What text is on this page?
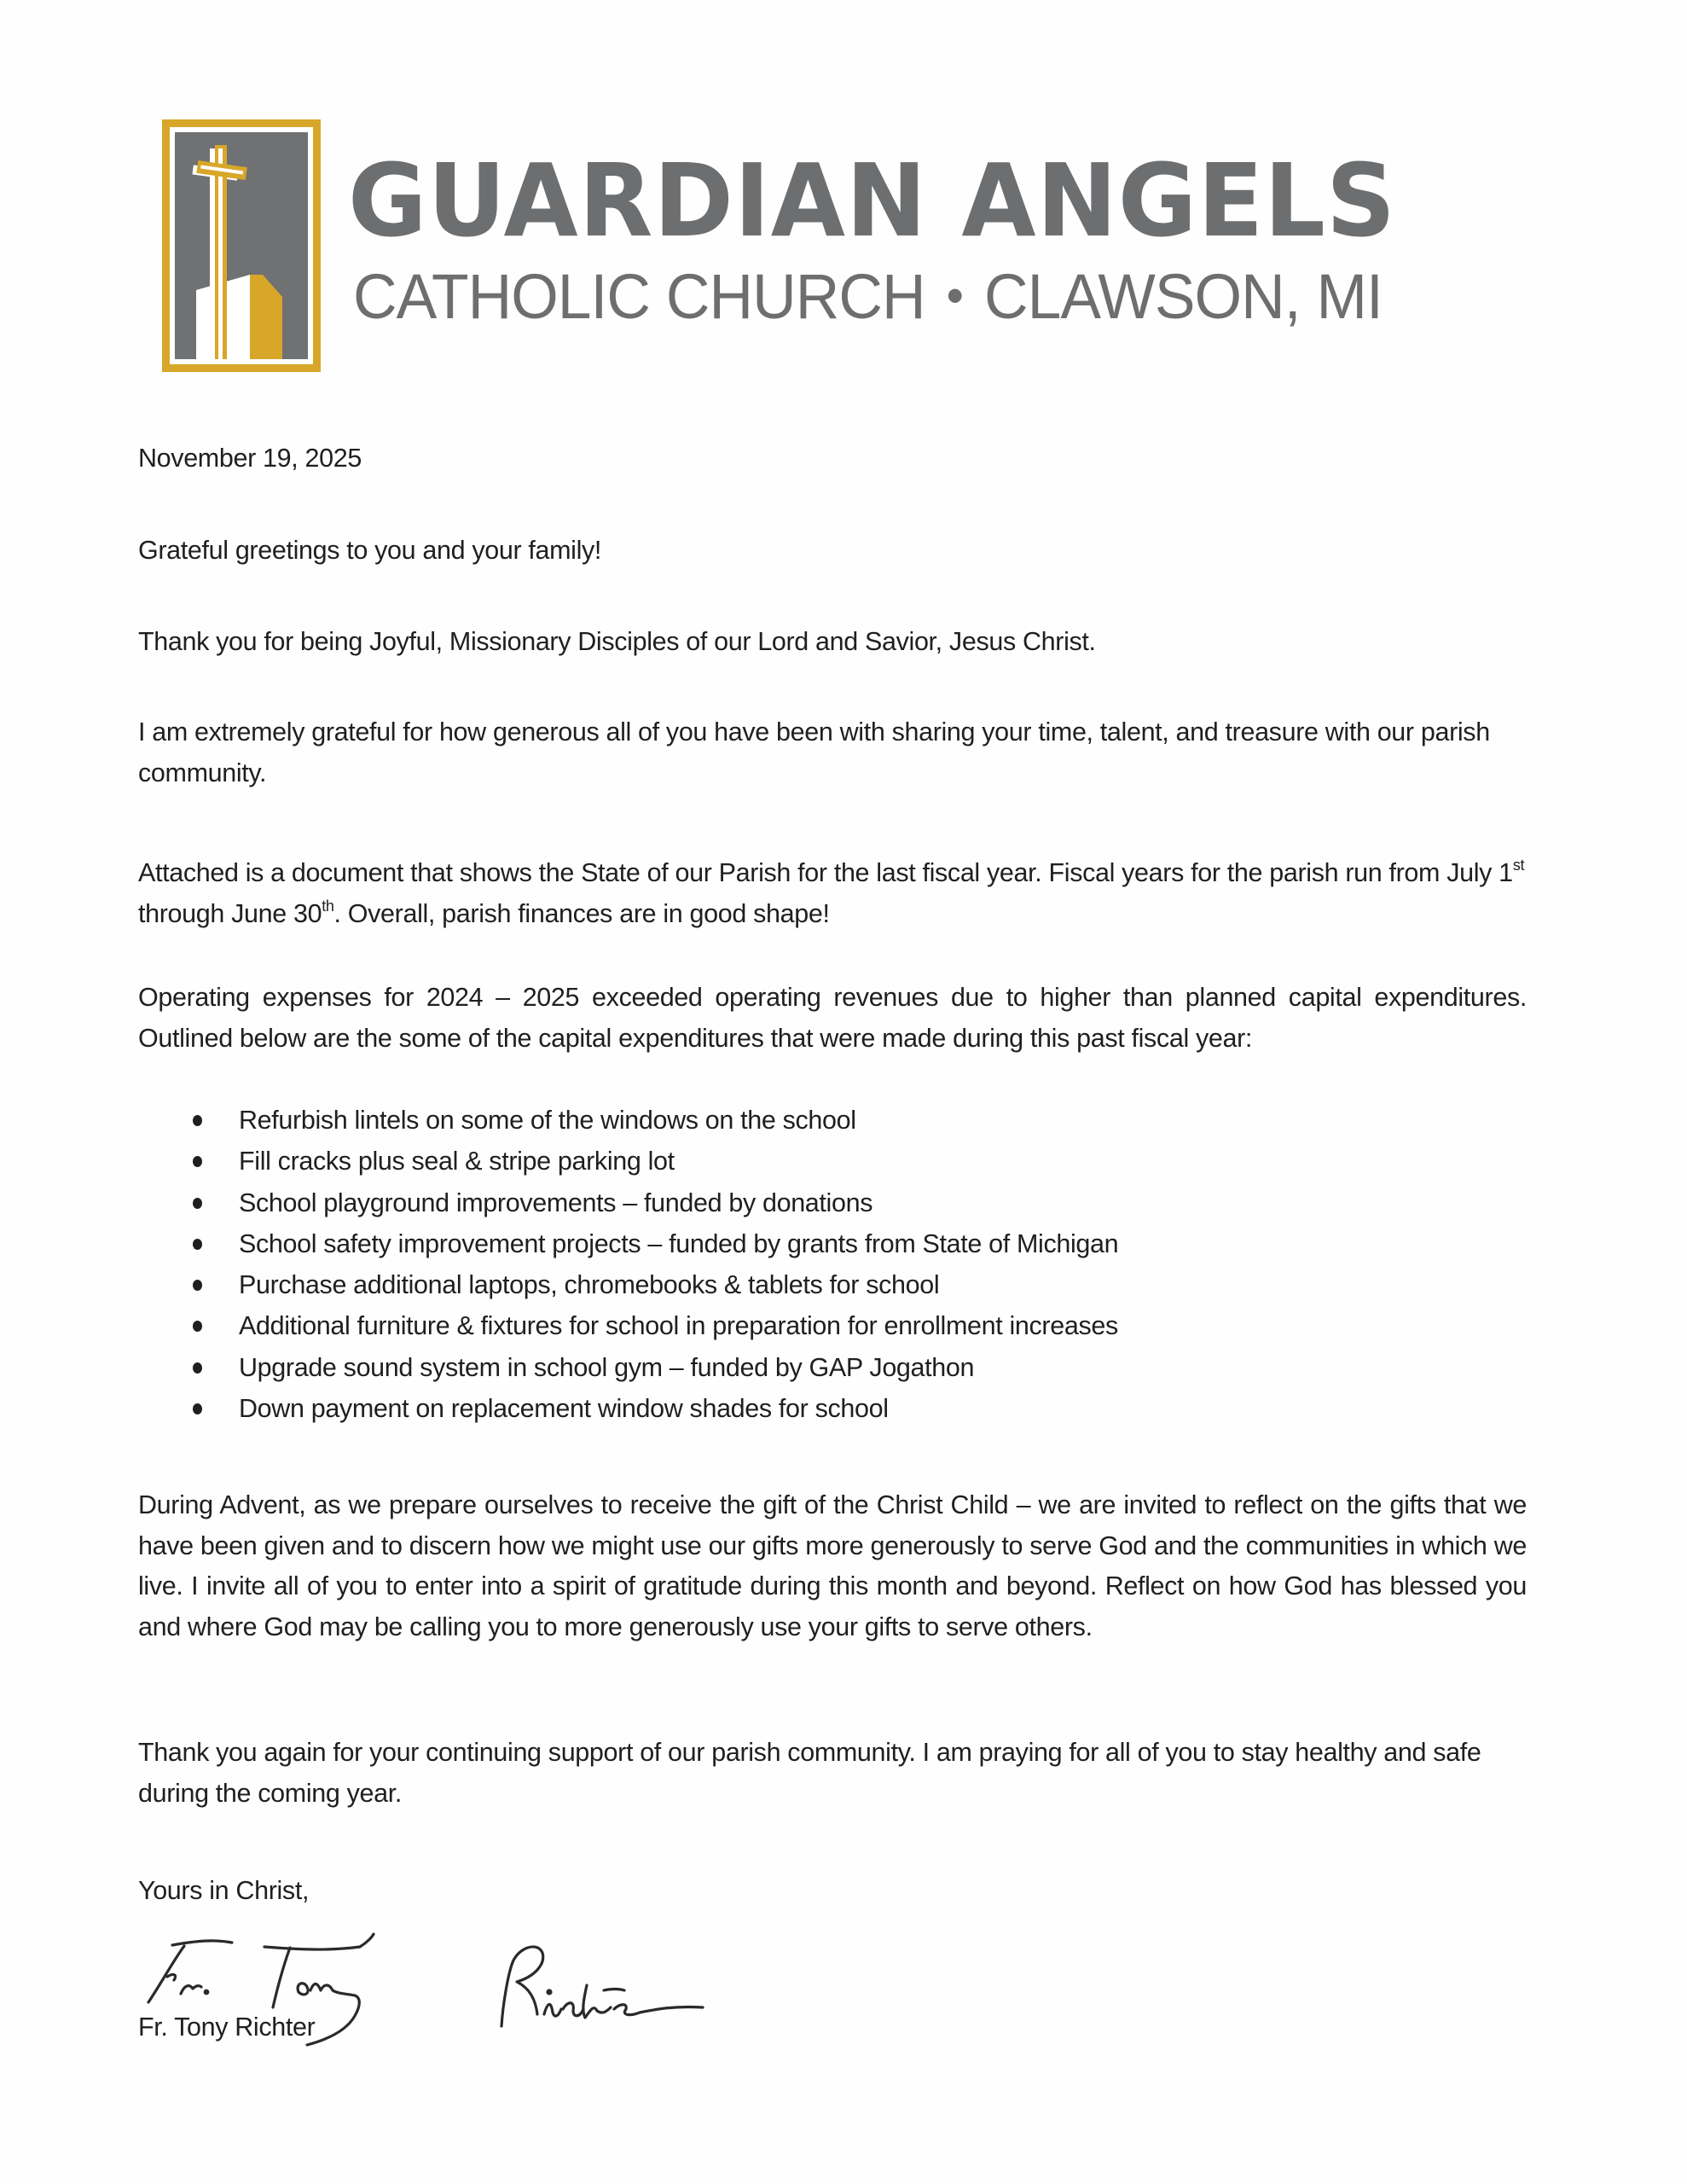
GUARDIAN ANGELS
CATHOLIC CHURCH • CLAWSON, MI

November 19, 2025

Grateful greetings to you and your family!

Thank you for being Joyful, Missionary Disciples of our Lord and Savior, Jesus Christ.

I am extremely grateful for how generous all of you have been with sharing your time, talent, and treasure with our parish community.

Attached is a document that shows the State of our Parish for the last fiscal year. Fiscal years for the parish run from July 1st through June 30th. Overall, parish finances are in good shape!

Operating expenses for 2024 – 2025 exceeded operating revenues due to higher than planned capital expenditures. Outlined below are the some of the capital expenditures that were made during this past fiscal year:

Refurbish lintels on some of the windows on the school
Fill cracks plus seal & stripe parking lot
School playground improvements – funded by donations
School safety improvement projects – funded by grants from State of Michigan
Purchase additional laptops, chromebooks & tablets for school
Additional furniture & fixtures for school in preparation for enrollment increases
Upgrade sound system in school gym – funded by GAP Jogathon
Down payment on replacement window shades for school

During Advent, as we prepare ourselves to receive the gift of the Christ Child – we are invited to reflect on the gifts that we have been given and to discern how we might use our gifts more generously to serve God and the communities in which we live. I invite all of you to enter into a spirit of gratitude during this month and beyond. Reflect on how God has blessed you and where God may be calling you to more generously use your gifts to serve others.

Thank you again for your continuing support of our parish community. I am praying for all of you to stay healthy and safe during the coming year.

Yours in Christ,

Fr. Tony Richter
